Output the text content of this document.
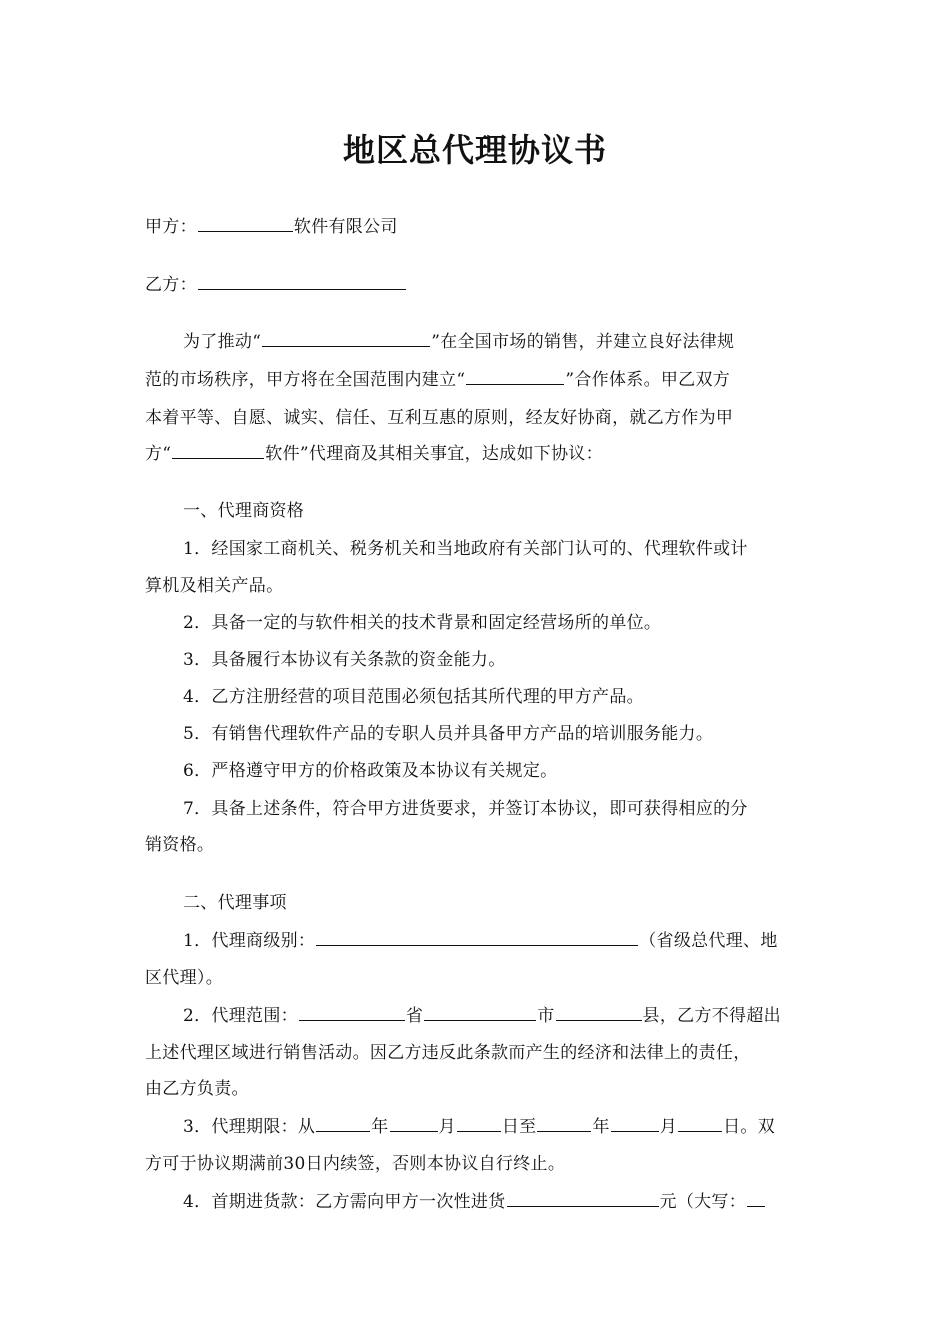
地区总代理协议书
甲方：	软件有限公司
乙方：
为了推动“	”在全国市场的销售，并建立良好法律规
范的市场秩序，甲方将在全国范围内建立“	”合作体系。甲乙双方
本着平等、自愿、诚实、信任、互利互惠的原则，经友好协商，就乙方作为甲
方“	软件”代理商及其相关事宜，达成如下协议：
一、代理商资格
1．经国家工商机关、税务机关和当地政府有关部门认可的、代理软件或计
算机及相关产品。
2．具备一定的与软件相关的技术背景和固定经营场所的单位。
3．具备履行本协议有关条款的资金能力。
4．乙方注册经营的项目范围必须包括其所代理的甲方产品。
5．有销售代理软件产品的专职人员并具备甲方产品的培训服务能力。
6．严格遵守甲方的价格政策及本协议有关规定。
7．具备上述条件，符合甲方进货要求，并签订本协议，即可获得相应的分
销资格。
二、代理事项
1．代理商级别：	（省级总代理、地
区代理）。
2．代理范围：	省	市	县，乙方不得超出
上述代理区域进行销售活动。因乙方违反此条款而产生的经济和法律上的责任，
由乙方负责。
3．代理期限：从	年	月	日至	年	月	日。双
方可于协议期满前30日内续签，否则本协议自行终止。
4．首期进货款：乙方需向甲方一次性进货	元（大写：
